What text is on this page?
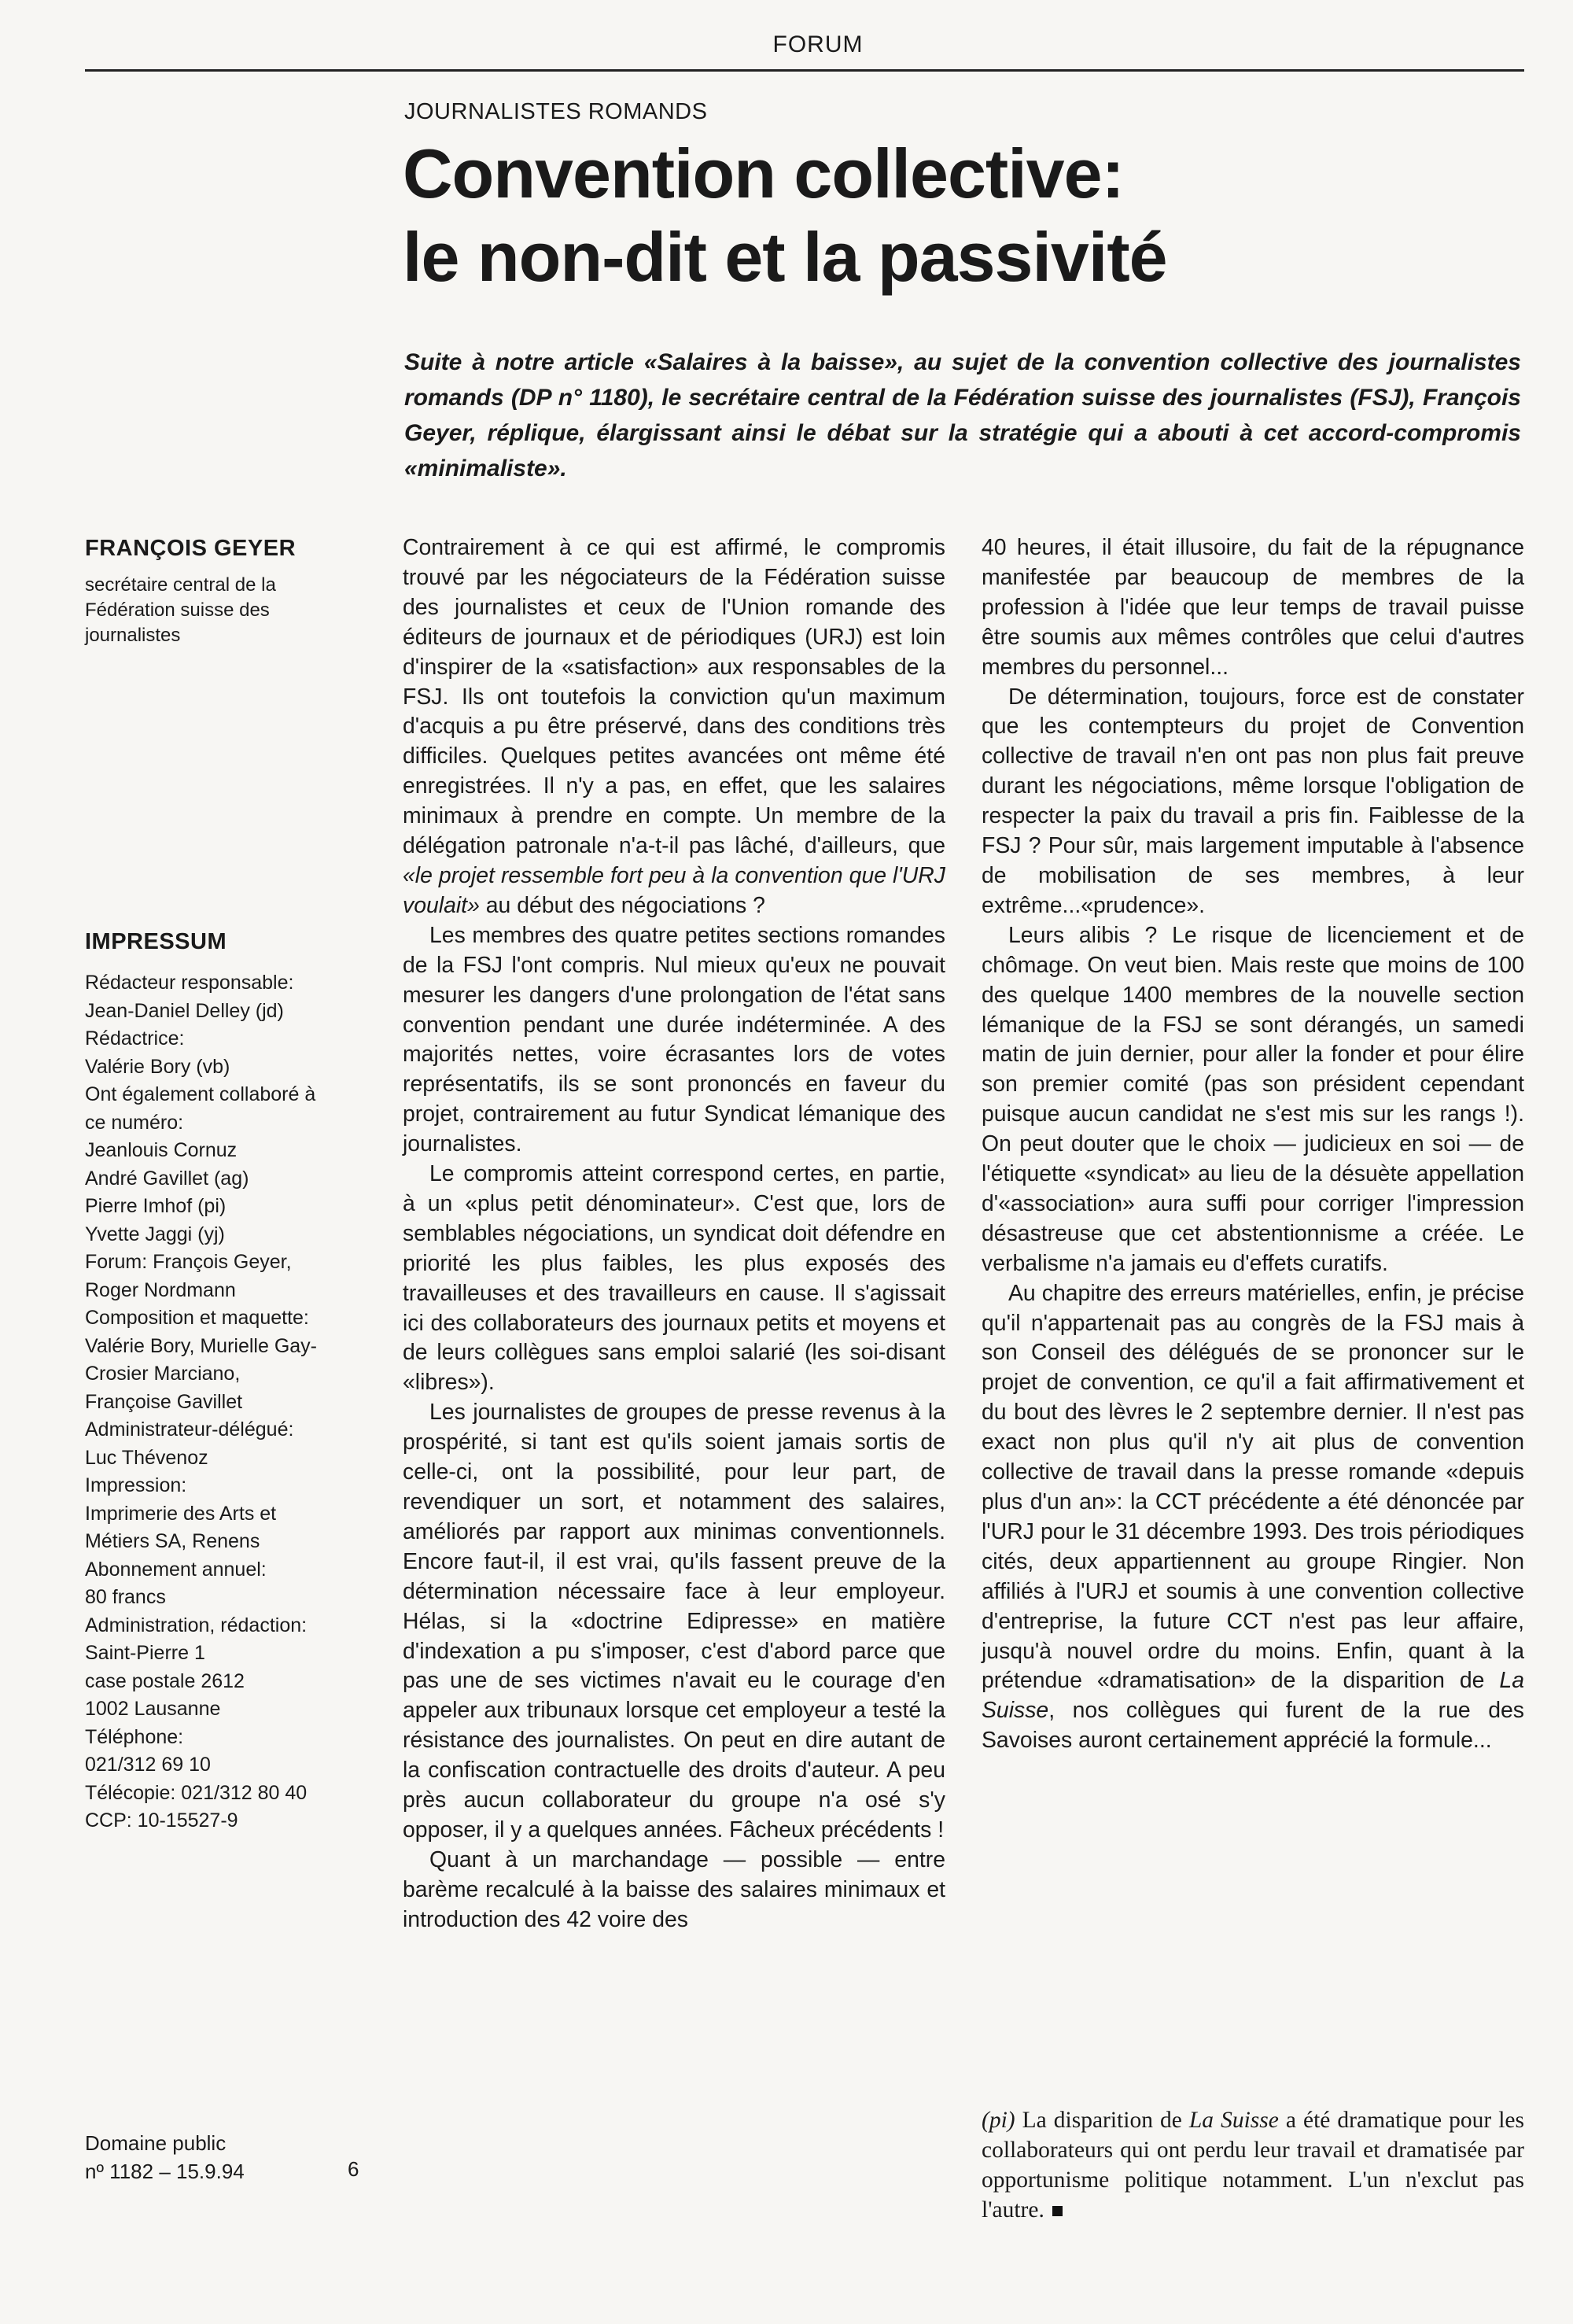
FORUM
JOURNALISTES ROMANDS
Convention collective:
le non-dit et la passivité
Suite à notre article «Salaires à la baisse», au sujet de la convention collective des journalistes romands (DP n° 1180), le secrétaire central de la Fédération suisse des journalistes (FSJ), François Geyer, réplique, élargissant ainsi le débat sur la stratégie qui a abouti à cet accord-compromis «minimaliste».
FRANÇOIS GEYER
secrétaire central de la Fédération suisse des journalistes
IMPRESSUM
Rédacteur responsable:
Jean-Daniel Delley (jd)
Rédactrice:
Valérie Bory (vb)
Ont également collaboré à
ce numéro:
Jeanlouis Cornuz
André Gavillet (ag)
Pierre Imhof (pi)
Yvette Jaggi (yj)
Forum: François Geyer,
Roger Nordmann
Composition et maquette:
Valérie Bory, Murielle Gay-
Crosier Marciano,
Françoise Gavillet
Administrateur-délégué:
Luc Thévenoz
Impression:
Imprimerie des Arts et
Métiers SA, Renens
Abonnement annuel:
80 francs
Administration, rédaction:
Saint-Pierre 1
case postale 2612
1002 Lausanne
Téléphone:
021/312 69 10
Télécopie: 021/312 80 40
CCP: 10-15527-9
Domaine public
nº 1182 – 15.9.94	6

Contrairement à ce qui est affirmé, le compromis trouvé par les négociateurs de la Fédération suisse des journalistes et ceux de l'Union romande des éditeurs de journaux et de périodiques (URJ) est loin d'inspirer de la «satisfaction» aux responsables de la FSJ. Ils ont toutefois la conviction qu'un maximum d'acquis a pu être préservé, dans des conditions très difficiles. Quelques petites avancées ont même été enregistrées. Il n'y a pas, en effet, que les salaires minimaux à prendre en compte. Un membre de la délégation patronale n'a-t-il pas lâché, d'ailleurs, que «le projet ressemble fort peu à la convention que l'URJ voulait» au début des négociations ?

Les membres des quatre petites sections romandes de la FSJ l'ont compris. Nul mieux qu'eux ne pouvait mesurer les dangers d'une prolongation de l'état sans convention pendant une durée indéterminée. A des majorités nettes, voire écrasantes lors de votes représentatifs, ils se sont prononcés en faveur du projet, contrairement au futur Syndicat lémanique des journalistes.

Le compromis atteint correspond certes, en partie, à un «plus petit dénominateur». C'est que, lors de semblables négociations, un syndicat doit défendre en priorité les plus faibles, les plus exposés des travailleuses et des travailleurs en cause. Il s'agissait ici des collaborateurs des journaux petits et moyens et de leurs collègues sans emploi salarié (les soi-disant «libres»).

Les journalistes de groupes de presse revenus à la prospérité, si tant est qu'ils soient jamais sortis de celle-ci, ont la possibilité, pour leur part, de revendiquer un sort, et notamment des salaires, améliorés par rapport aux minimas conventionnels. Encore faut-il, il est vrai, qu'ils fassent preuve de la détermination nécessaire face à leur employeur. Hélas, si la «doctrine Edipresse» en matière d'indexation a pu s'imposer, c'est d'abord parce que pas une de ses victimes n'avait eu le courage d'en appeler aux tribunaux lorsque cet employeur a testé la résistance des journalistes. On peut en dire autant de la confiscation contractuelle des droits d'auteur. A peu près aucun collaborateur du groupe n'a osé s'y opposer, il y a quelques années. Fâcheux précédents !

Quant à un marchandage — possible — entre barème recalculé à la baisse des salaires minimaux et introduction des 42 voire des

40 heures, il était illusoire, du fait de la répugnance manifestée par beaucoup de membres de la profession à l'idée que leur temps de travail puisse être soumis aux mêmes contrôles que celui d'autres membres du personnel...

De détermination, toujours, force est de constater que les contempteurs du projet de Convention collective de travail n'en ont pas non plus fait preuve durant les négociations, même lorsque l'obligation de respecter la paix du travail a pris fin. Faiblesse de la FSJ ? Pour sûr, mais largement imputable à l'absence de mobilisation de ses membres, à leur extrême...«prudence».

Leurs alibis ? Le risque de licenciement et de chômage. On veut bien. Mais reste que moins de 100 des quelque 1400 membres de la nouvelle section lémanique de la FSJ se sont dérangés, un samedi matin de juin dernier, pour aller la fonder et pour élire son premier comité (pas son président cependant puisque aucun candidat ne s'est mis sur les rangs !). On peut douter que le choix — judicieux en soi — de l'étiquette «syndicat» au lieu de la désuète appellation d'«association» aura suffi pour corriger l'impression désastreuse que cet abstentionnisme a créée. Le verbalisme n'a jamais eu d'effets curatifs.

Au chapitre des erreurs matérielles, enfin, je précise qu'il n'appartenait pas au congrès de la FSJ mais à son Conseil des délégués de se prononcer sur le projet de convention, ce qu'il a fait affirmativement et du bout des lèvres le 2 septembre dernier. Il n'est pas exact non plus qu'il n'y ait plus de convention collective de travail dans la presse romande «depuis plus d'un an»: la CCT précédente a été dénoncée par l'URJ pour le 31 décembre 1993. Des trois périodiques cités, deux appartiennent au groupe Ringier. Non affiliés à l'URJ et soumis à une convention collective d'entreprise, la future CCT n'est pas leur affaire, jusqu'à nouvel ordre du moins. Enfin, quant à la prétendue «dramatisation» de la disparition de La Suisse, nos collègues qui furent de la rue des Savoises auront certainement apprécié la formule...

(pi) La disparition de La Suisse a été dramatique pour les collaborateurs qui ont perdu leur travail et dramatisée par opportunisme politique notamment. L'un n'exclut pas l'autre.
